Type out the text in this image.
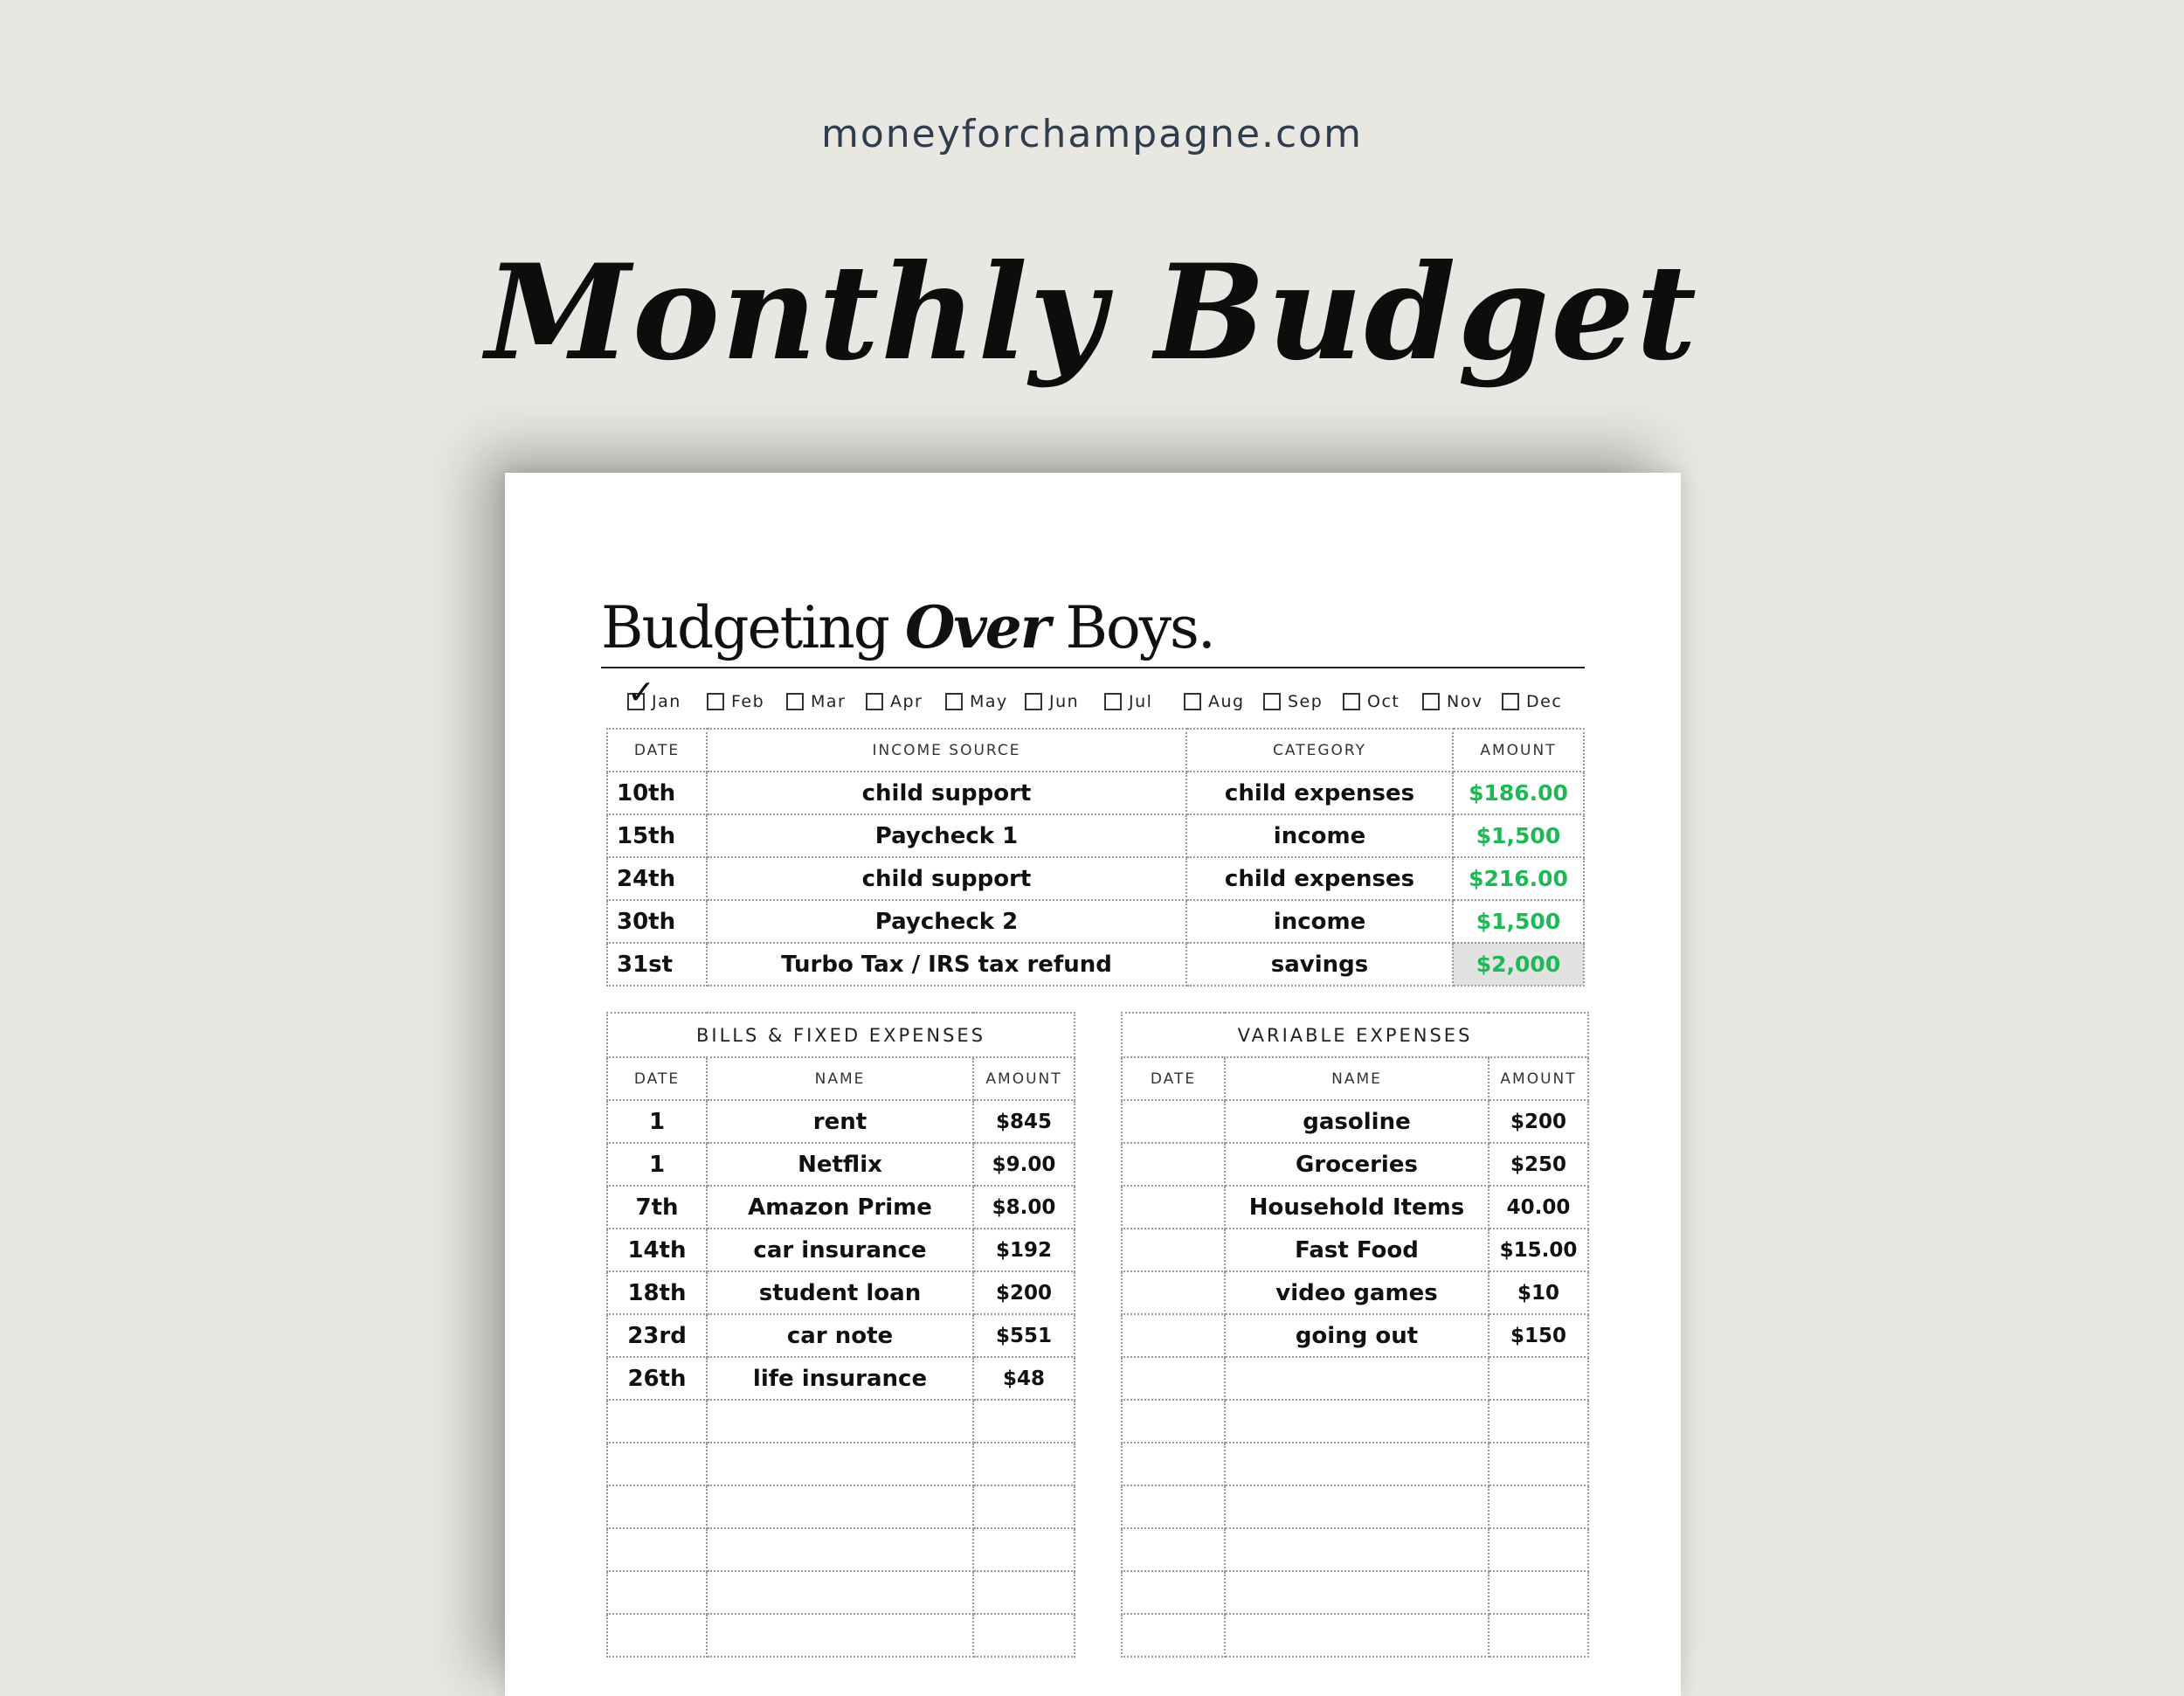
moneyforchampagne.com
Monthly Budget
Budgeting Over Boys.
✓
Jan	Feb	Mar	Apr	May Jun	Jul	Aug	Sep	Oct	Nov	Dec
DATE	INCOME SOURCE	CATEGORY	AMOUNT
10th	child support	child expenses	$186.00
15th	Paycheck 1	income	$1,500
24th	child support	child expenses	$216.00
30th	Paycheck 2	income	$1,500
31st	Turbo Tax / IRS tax refund	savings	$2,000
BILLS & FIXED EXPENSES		
DATE	NAME	AMOUNT
1	rent	$845
1	Netflix	$9.00
7th	Amazon Prime	$8.00
14th	car insurance	$192
18th	student loan	$200
23rd	car note	$551
26th	life insurance	$48

VARIABLE EXPENSES		
DATE	NAME	AMOUNT
	gasoline	$200
	Groceries	$250
	Household Items	40.00
	Fast Food	$15.00
	video games	$10
	going out	$150
